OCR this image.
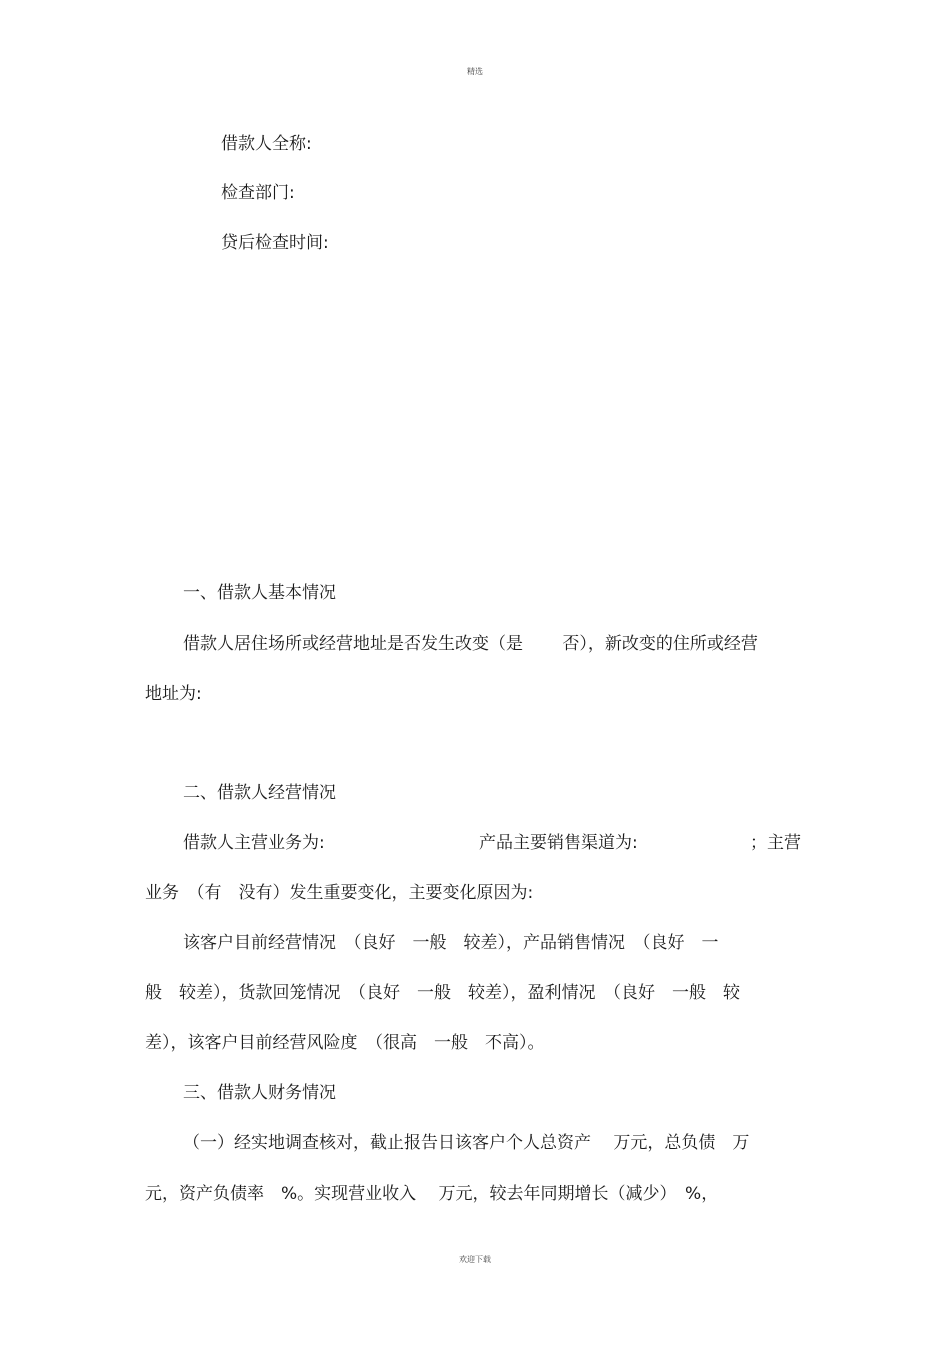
精选
借款人全称:
检查部门:
贷后检查时间:
一、借款人基本情况
借款人居住场所或经营地址是否发生改变（是　　 否），新改变的住所或经营
地址为:
二、借款人经营情况
借款人主营业务为:	产品主要销售渠道为:	；主营
业务　（有　没有）发生重要变化，主要变化原因为:
该客户目前经营情况　（良好　一般　较差），产品销售情况　（良好　一
般　较差），货款回笼情况　（良好　一般　较差），盈利情况　（良好　一般　较
差），该客户目前经营风险度　（很高　一般　不高）。
三、借款人财务情况
（一）经实地调查核对，截止报告日该客户个人总资产　 万元，总负债　万
元，资产负债率　%。实现营业收入　 万元，较去年同期增长（减少）　%，
欢迎下载
